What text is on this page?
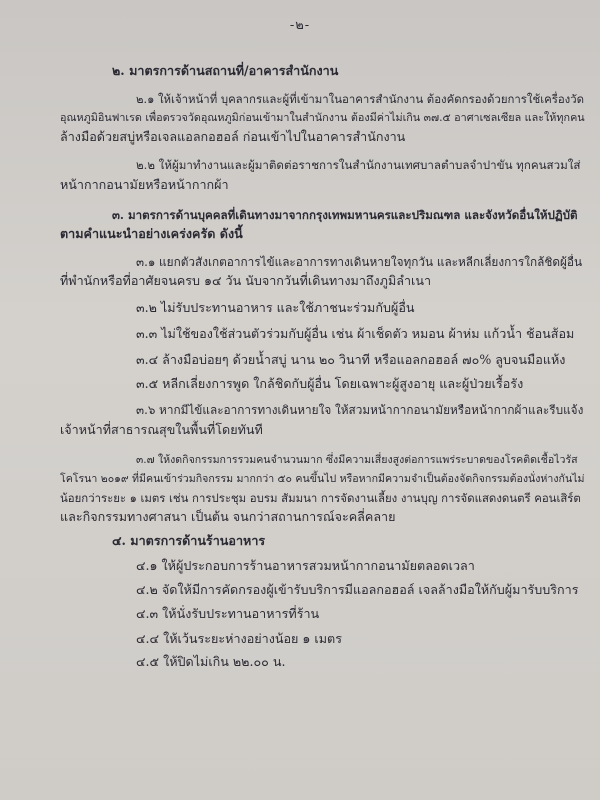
-๒-
๒. มาตรการด้านสถานที่/อาคารสำนักงาน
๒.๑ ให้เจ้าหน้าที่ บุคลากรและผู้ที่เข้ามาในอาคารสำนักงาน ต้องคัดกรองด้วยการใช้เครื่องวัด
อุณหภูมิอินฟาเรด เพื่อตรวจวัดอุณหภูมิก่อนเข้ามาในสำนักงาน ต้องมีค่าไม่เกิน ๓๗.๕ อาศาเซลเซียล และให้ทุกคน
ล้างมือด้วยสบู่หรือเจลแอลกอฮอล์ ก่อนเข้าไปในอาคารสำนักงาน
๒.๒ ให้ผู้มาทำงานและผู้มาติดต่อราชการในสำนักงานเทศบาลตำบลจำปาขัน ทุกคนสวมใส่
หน้ากากอนามัยหรือหน้ากากผ้า
๓. มาตรการด้านบุคคลที่เดินทางมาจากกรุงเทพมหานครและปริมณฑล และจังหวัดอื่นให้ปฏิบัติ
ตามคำแนะนำอย่างเคร่งครัด ดังนี้
๓.๑ แยกตัวสังเกตอาการไข้และอาการทางเดินหายใจทุกวัน และหลีกเลี่ยงการใกล้ชิดผู้อื่น
ที่พำนักหรือที่อาศัยจนครบ ๑๔ วัน นับจากวันที่เดินทางมาถึงภูมิลำเนา
๓.๒ ไม่รับประทานอาหาร และใช้ภาชนะร่วมกับผู้อื่น
๓.๓ ไม่ใช้ของใช้ส่วนตัวร่วมกับผู้อื่น เช่น ผ้าเช็ดตัว หมอน ผ้าห่ม แก้วน้ำ ช้อนส้อม
๓.๔ ล้างมือบ่อยๆ ด้วยน้ำสบู่ นาน ๒๐ วินาที หรือแอลกอฮอล์ ๗๐% ลูบจนมือแห้ง
๓.๕ หลีกเลี่ยงการพูด ใกล้ชิดกับผู้อื่น โดยเฉพาะผู้สูงอายุ และผู้ป่วยเรื้อรัง
๓.๖ หากมีไข้และอาการทางเดินหายใจ ให้สวมหน้ากากอนามัยหรือหน้ากากผ้าและรีบแจ้ง
เจ้าหน้าที่สาธารณสุขในพื้นที่โดยทันที
๓.๗ ให้งดกิจกรรมการรวมคนจำนวนมาก ซึ่งมีความเสี่ยงสูงต่อการแพร่ระบาดของโรคติดเชื้อไวรัส
โคโรนา ๒๐๑๙ ที่มีคนเข้าร่วมกิจกรรม มากกว่า ๕๐ คนขึ้นไป หรือหากมีความจำเป็นต้องจัดกิจกรรมต้องนั่งห่างกันไม่
น้อยกว่าระยะ ๑ เมตร เช่น การประชุม อบรม สัมมนา การจัดงานเลี้ยง งานบุญ การจัดแสดงดนตรี คอนเสิร์ต
และกิจกรรมทางศาสนา เป็นต้น จนกว่าสถานการณ์จะคลี่คลาย
๔. มาตรการด้านร้านอาหาร
๔.๑ ให้ผู้ประกอบการร้านอาหารสวมหน้ากากอนามัยตลอดเวลา
๔.๒ จัดให้มีการคัดกรองผู้เข้ารับบริการมีแอลกอฮอล์ เจลล้างมือให้กับผู้มารับบริการ
๔.๓ ให้นั่งรับประทานอาหารที่ร้าน
๔.๔ ให้เว้นระยะห่างอย่างน้อย ๑ เมตร
๔.๕ ให้ปิดไม่เกิน ๒๒.๐๐ น.
